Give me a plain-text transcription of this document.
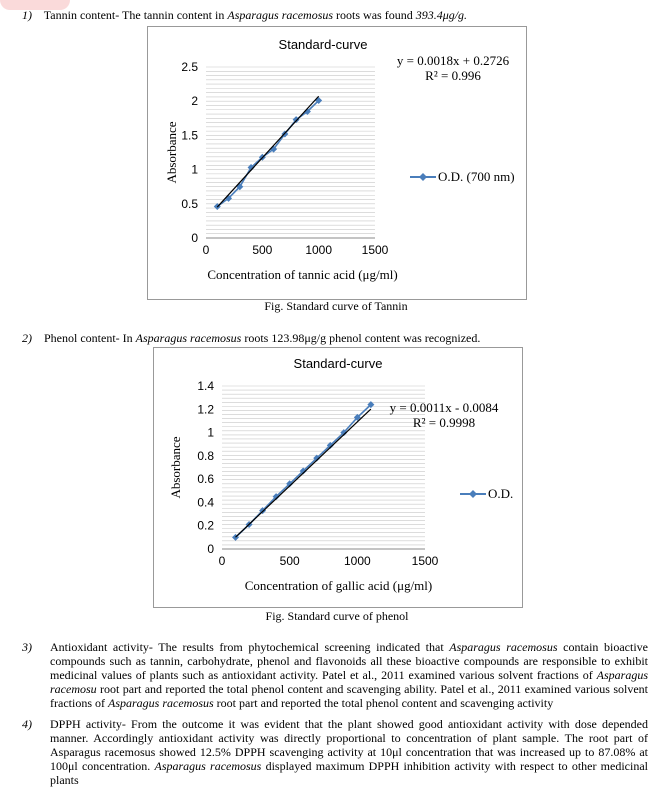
1) Tannin content- The tannin content in Asparagus racemosus roots was found 393.4μg/g.
0
0.5
1
1.5
2
2.5
0	500	1000 1500
Standard-curve
Concentration of tannic acid (μg/ml)
Absorbance	O.D. (700 nm)
y = 0.0018x + 0.2726
R² = 0.996
Fig. Standard curve of Tannin
2) Phenol content- In Asparagus racemosus roots 123.98μg/g phenol content was recognized.
0
0.2
0.4
0.6
0.8
1
1.2
1.4
0	500	1000	1500
Standard-curve
Concentration of gallic acid (μg/ml)
Absorbance	O.D.
y = 0.0011x - 0.0084
R² = 0.9998
Fig. Standard curve of phenol
3) Antioxidant activity- The results from phytochemical screening indicated that Asparagus racemosus contain bioactive compounds such as tannin, carbohydrate, phenol and flavonoids all these bioactive compounds are responsible to exhibit medicinal values of plants such as antioxidant activity. Patel et al., 2011 examined various solvent fractions of Asparagus racemosu root part and reported the total phenol content and scavenging ability. Patel et al., 2011 examined various solvent fractions of Asparagus racemosus root part and reported the total phenol content and scavenging activity
4) DPPH activity- From the outcome it was evident that the plant showed good antioxidant activity with dose depended manner. Accordingly antioxidant activity was directly proportional to concentration of plant sample. The root part of Asparagus racemosus showed 12.5% DPPH scavenging activity at 10μl concentration that was increased up to 87.08% at 100μl concentration. Asparagus racemosus displayed maximum DPPH inhibition activity with respect to other medicinal plants
